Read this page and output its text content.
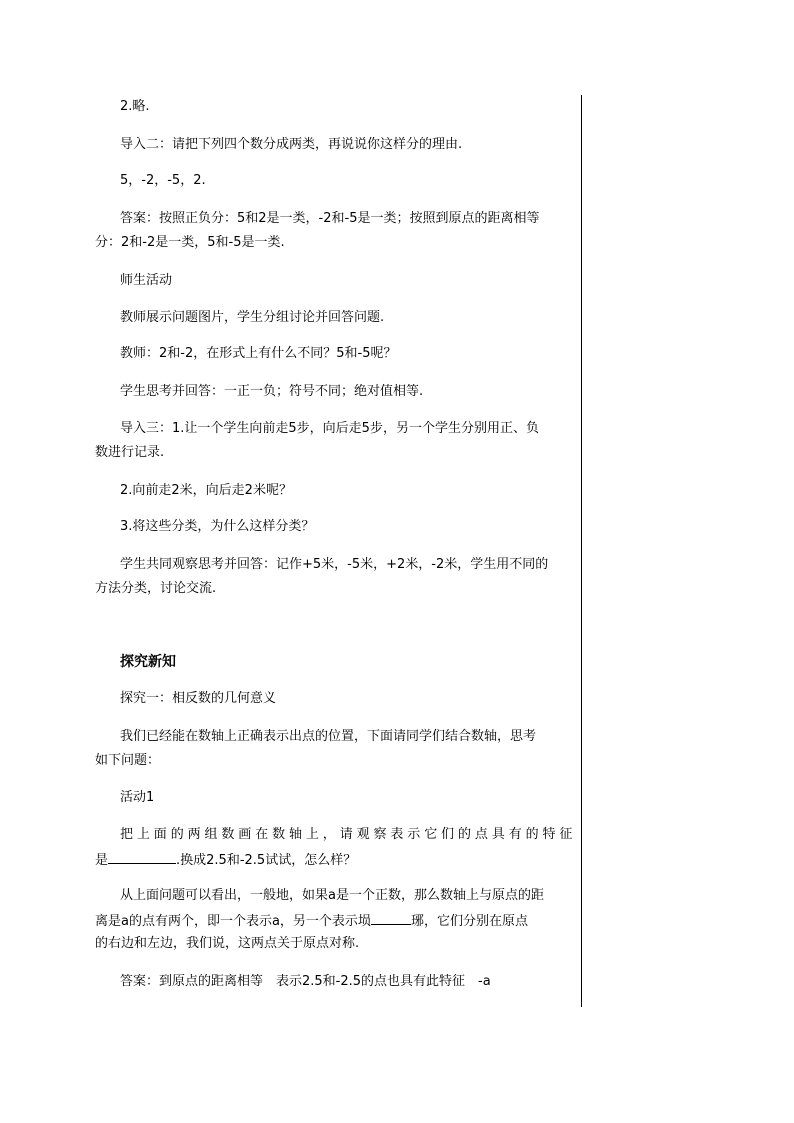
2.略.
导入二：请把下列四个数分成两类，再说说你这样分的理由.
5，-2，-5，2.
答案：按照正负分：5和2是一类，-2和-5是一类；按照到原点的距离相等
分：2和-2是一类，5和-5是一类.
师生活动
教师展示问题图片，学生分组讨论并回答问题.
教师：2和-2，在形式上有什么不同？5和-5呢？
学生思考并回答：一正一负；符号不同；绝对值相等.
导入三：1.让一个学生向前走5步，向后走5步，另一个学生分别用正、负
数进行记录.
2.向前走2米，向后走2米呢？
3.将这些分类，为什么这样分类？
学生共同观察思考并回答：记作+5米，-5米，+2米，-2米，学生用不同的
方法分类，讨论交流.
探究新知
探究一：相反数的几何意义
我们已经能在数轴上正确表示出点的位置，下面请同学们结合数轴，思考
如下问题：
活动1
把上面的两组数画在数轴上，请观察表示它们的点具有的特征
是	.换成2.5和-2.5试试，怎么样？
从上面问题可以看出，一般地，如果a是一个正数，那么数轴上与原点的距
离是a的点有两个，即一个表示a，另一个表示埙	琊，它们分别在原点
的右边和左边，我们说，这两点关于原点对称.
答案：到原点的距离相等　表示2.5和-2.5的点也具有此特征　-a
